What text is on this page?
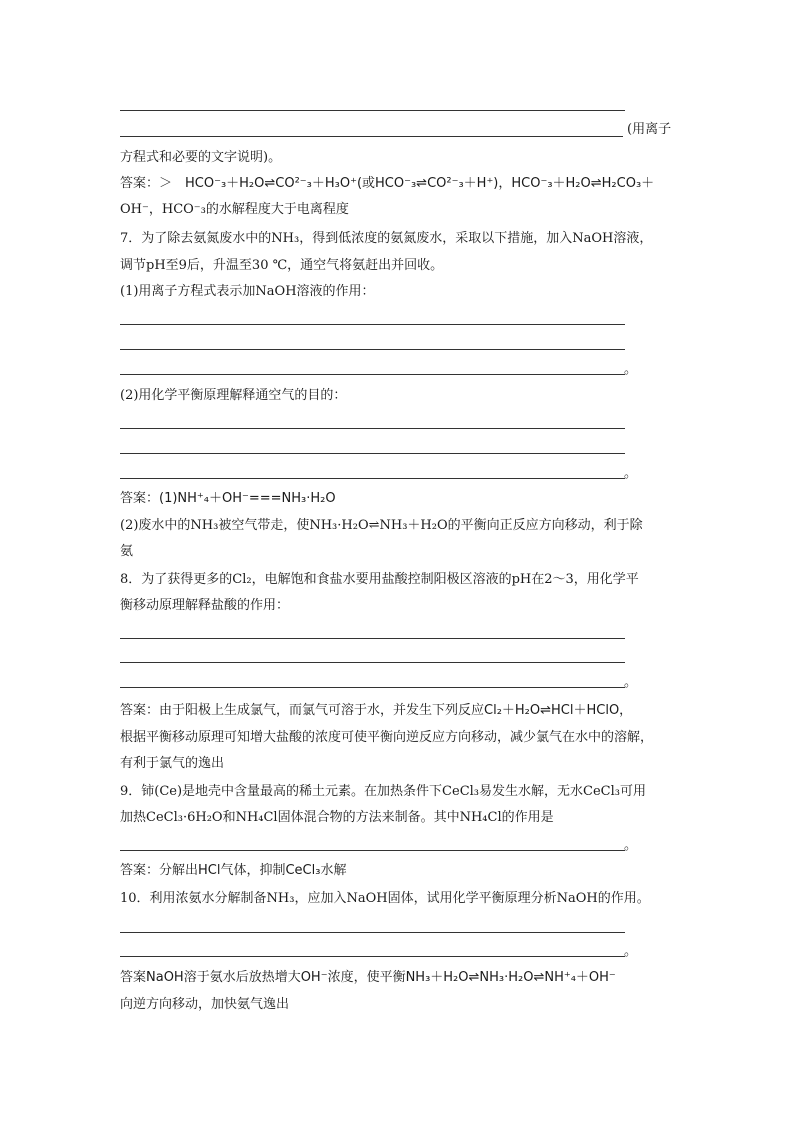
(用离子
方程式和必要的文字说明)。
答案：＞　HCO⁻₃＋H₂O⇌CO²⁻₃＋H₃O⁺(或HCO⁻₃⇌CO²⁻₃＋H⁺)，HCO⁻₃＋H₂O⇌H₂CO₃＋
OH⁻，HCO⁻₃的水解程度大于电离程度
7．为了除去氨氮废水中的NH₃，得到低浓度的氨氮废水，采取以下措施，加入NaOH溶液，
调节pH至9后，升温至30 ℃，通空气将氨赶出并回收。
(1)用离子方程式表示加NaOH溶液的作用：
。
(2)用化学平衡原理解释通空气的目的：
。
答案：(1)NH⁺₄＋OH⁻===NH₃·H₂O
(2)废水中的NH₃被空气带走，使NH₃·H₂O⇌NH₃＋H₂O的平衡向正反应方向移动，利于除
氨
8．为了获得更多的Cl₂，电解饱和食盐水要用盐酸控制阳极区溶液的pH在2～3，用化学平
衡移动原理解释盐酸的作用：
。
答案：由于阳极上生成氯气，而氯气可溶于水，并发生下列反应Cl₂＋H₂O⇌HCl＋HClO，
根据平衡移动原理可知增大盐酸的浓度可使平衡向逆反应方向移动，减少氯气在水中的溶解，
有利于氯气的逸出
9．铈(Ce)是地壳中含量最高的稀土元素。在加热条件下CeCl₃易发生水解，无水CeCl₃可用
加热CeCl₃·6H₂O和NH₄Cl固体混合物的方法来制备。其中NH₄Cl的作用是
。
答案：分解出HCl气体，抑制CeCl₃水解
10．利用浓氨水分解制备NH₃，应加入NaOH固体，试用化学平衡原理分析NaOH的作用。
。
答案NaOH溶于氨水后放热增大OH⁻浓度，使平衡NH₃＋H₂O⇌NH₃·H₂O⇌NH⁺₄＋OH⁻
向逆方向移动，加快氨气逸出
